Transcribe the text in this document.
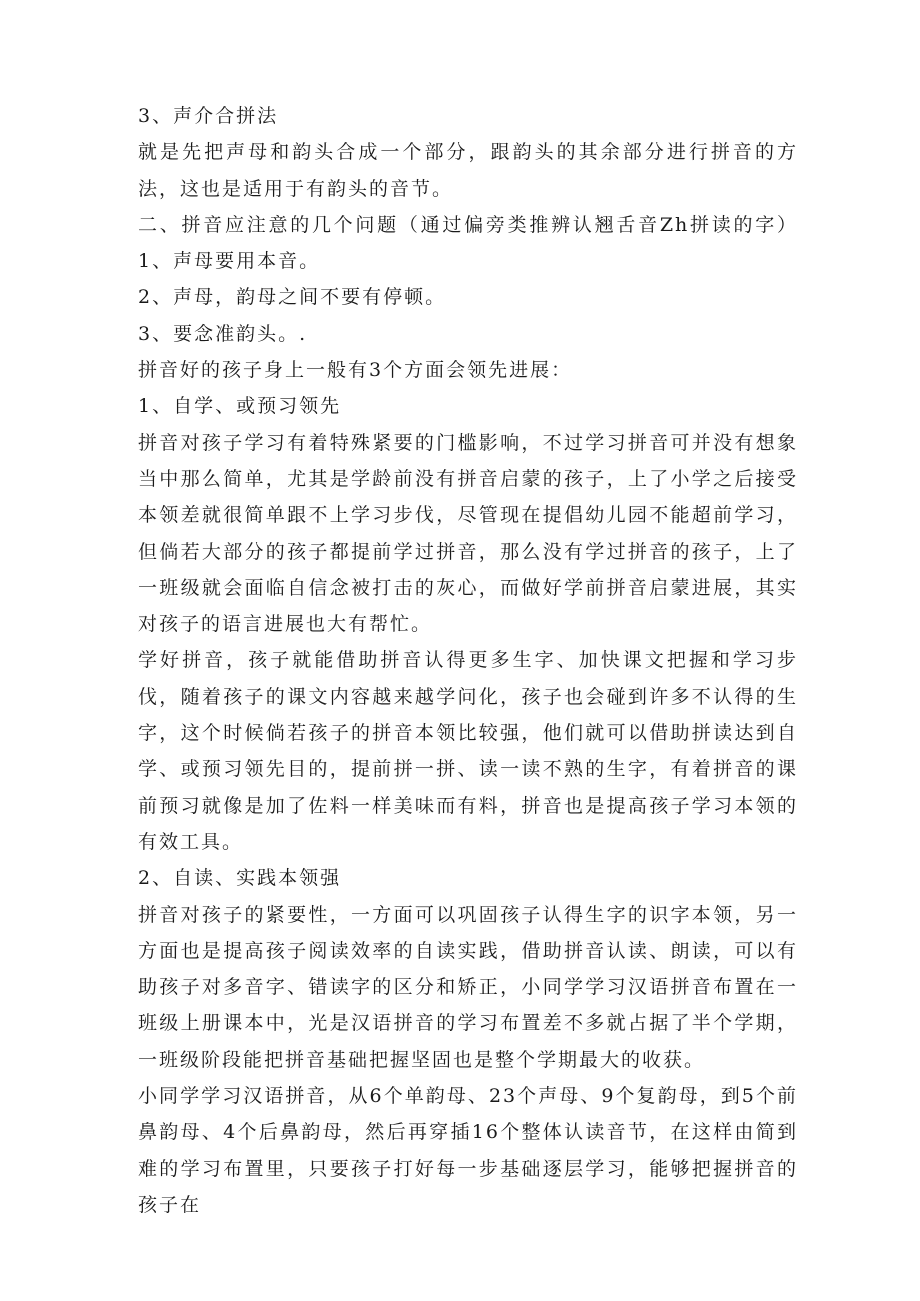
3、声介合拼法

就是先把声母和韵头合成一个部分，跟韵头的其余部分进行拼音的方法，这也是适用于有韵头的音节。

二、拼音应注意的几个问题（通过偏旁类推辨认翘舌音Zh拼读的字）1、声母要用本音。

2、声母，韵母之间不要有停顿。

3、要念准韵头。.

拼音好的孩子身上一般有3个方面会领先进展：

1、自学、或预习领先

拼音对孩子学习有着特殊紧要的门槛影响，不过学习拼音可并没有想象当中那么简单，尤其是学龄前没有拼音启蒙的孩子，上了小学之后接受本领差就很简单跟不上学习步伐，尽管现在提倡幼儿园不能超前学习，但倘若大部分的孩子都提前学过拼音，那么没有学过拼音的孩子，上了一班级就会面临自信念被打击的灰心，而做好学前拼音启蒙进展，其实对孩子的语言进展也大有帮忙。

学好拼音，孩子就能借助拼音认得更多生字、加快课文把握和学习步伐，随着孩子的课文内容越来越学问化，孩子也会碰到许多不认得的生字，这个时候倘若孩子的拼音本领比较强，他们就可以借助拼读达到自学、或预习领先目的，提前拼一拼、读一读不熟的生字，有着拼音的课前预习就像是加了佐料一样美味而有料，拼音也是提高孩子学习本领的有效工具。

2、自读、实践本领强

拼音对孩子的紧要性，一方面可以巩固孩子认得生字的识字本领，另一方面也是提高孩子阅读效率的自读实践，借助拼音认读、朗读，可以有助孩子对多音字、错读字的区分和矫正，小同学学习汉语拼音布置在一班级上册课本中，光是汉语拼音的学习布置差不多就占据了半个学期，一班级阶段能把拼音基础把握坚固也是整个学期最大的收获。

小同学学习汉语拼音，从6个单韵母、23个声母、9个复韵母，到5个前鼻韵母、4个后鼻韵母，然后再穿插16个整体认读音节，在这样由简到难的学习布置里，只要孩子打好每一步基础逐层学习，能够把握拼音的孩子在
